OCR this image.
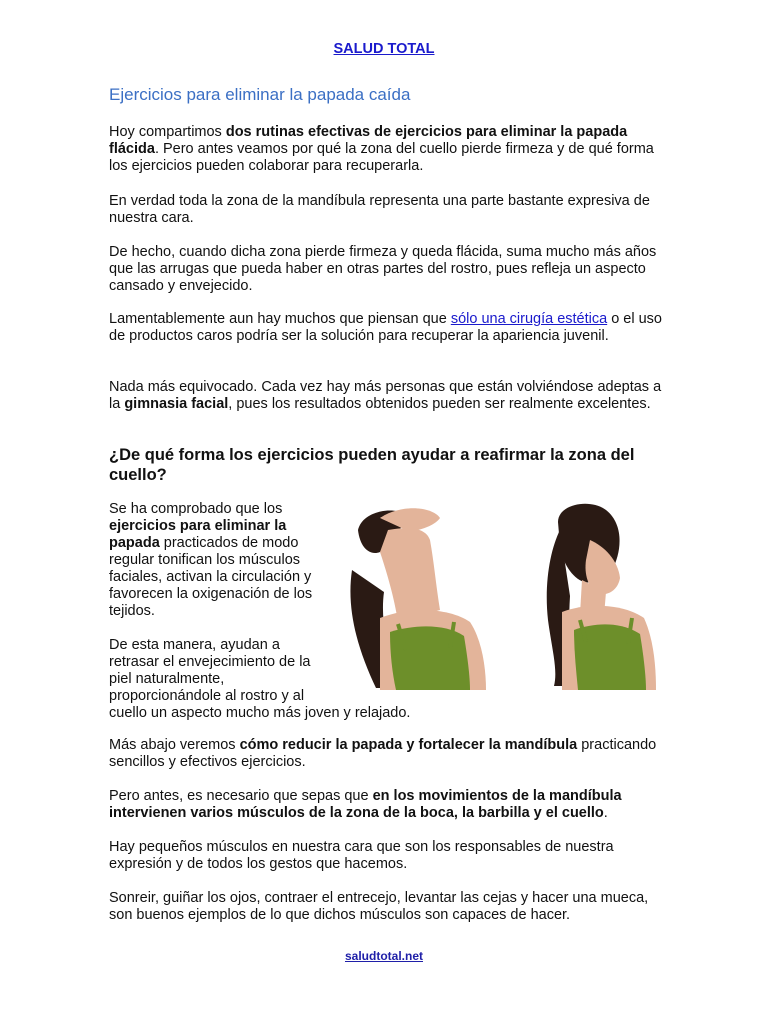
SALUD TOTAL
Ejercicios para eliminar la papada caída

Hoy compartimos dos rutinas efectivas de ejercicios para eliminar la papada flácida. Pero antes veamos por qué la zona del cuello pierde firmeza y de qué forma los ejercicios pueden colaborar para recuperarla.

En verdad toda la zona de la mandíbula representa una parte bastante expresiva de nuestra cara.

De hecho, cuando dicha zona pierde firmeza y queda flácida, suma mucho más años que las arrugas que pueda haber en otras partes del rostro, pues refleja un aspecto cansado y envejecido.

Lamentablemente aun hay muchos que piensan que sólo una cirugía estética o el uso de productos caros podría ser la solución para recuperar la apariencia juvenil.

Nada más equivocado. Cada vez hay más personas que están volviéndose adeptas a la gimnasia facial, pues los resultados obtenidos pueden ser realmente excelentes.

¿De qué forma los ejercicios pueden ayudar a reafirmar la zona del cuello?

Se ha comprobado que los ejercicios para eliminar la papada practicados de modo regular tonifican los músculos faciales, activan la circulación y favorecen la oxigenación de los tejidos.

De esta manera, ayudan a retrasar el envejecimiento de la piel naturalmente, proporcionándole al rostro y al
cuello un aspecto mucho más joven y relajado.

Más abajo veremos cómo reducir la papada y fortalecer la mandíbula practicando sencillos y efectivos ejercicios.

Pero antes, es necesario que sepas que en los movimientos de la mandíbula intervienen varios músculos de la zona de la boca, la barbilla y el cuello.

Hay pequeños músculos en nuestra cara que son los responsables de nuestra expresión y de todos los gestos que hacemos.

Sonreir, guiñar los ojos, contraer el entrecejo, levantar las cejas y hacer una mueca, son buenos ejemplos de lo que dichos músculos son capaces de hacer.

saludtotal.net
